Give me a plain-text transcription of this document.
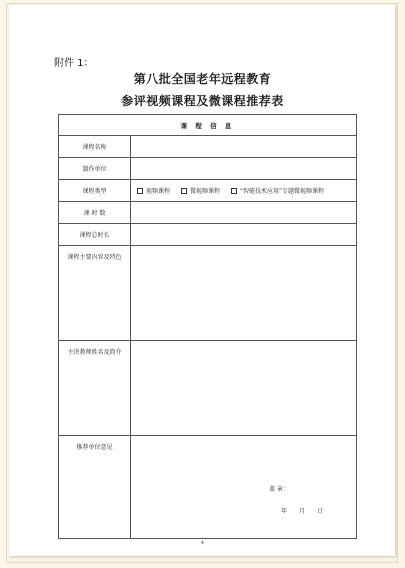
附件 1：
第八批全国老年远程教育
参评视频课程及微课程推荐表
课 程 信 息	
课程名称	
制作单位	
课程类型	视频课程 微视频课程 “智能技术应用”专题微视频课程
课 时 数	
课程总时长	
课程主要内容及特色	
主讲教师姓名及简介	
推荐单位意见	盖 章：
年 月 日
4
